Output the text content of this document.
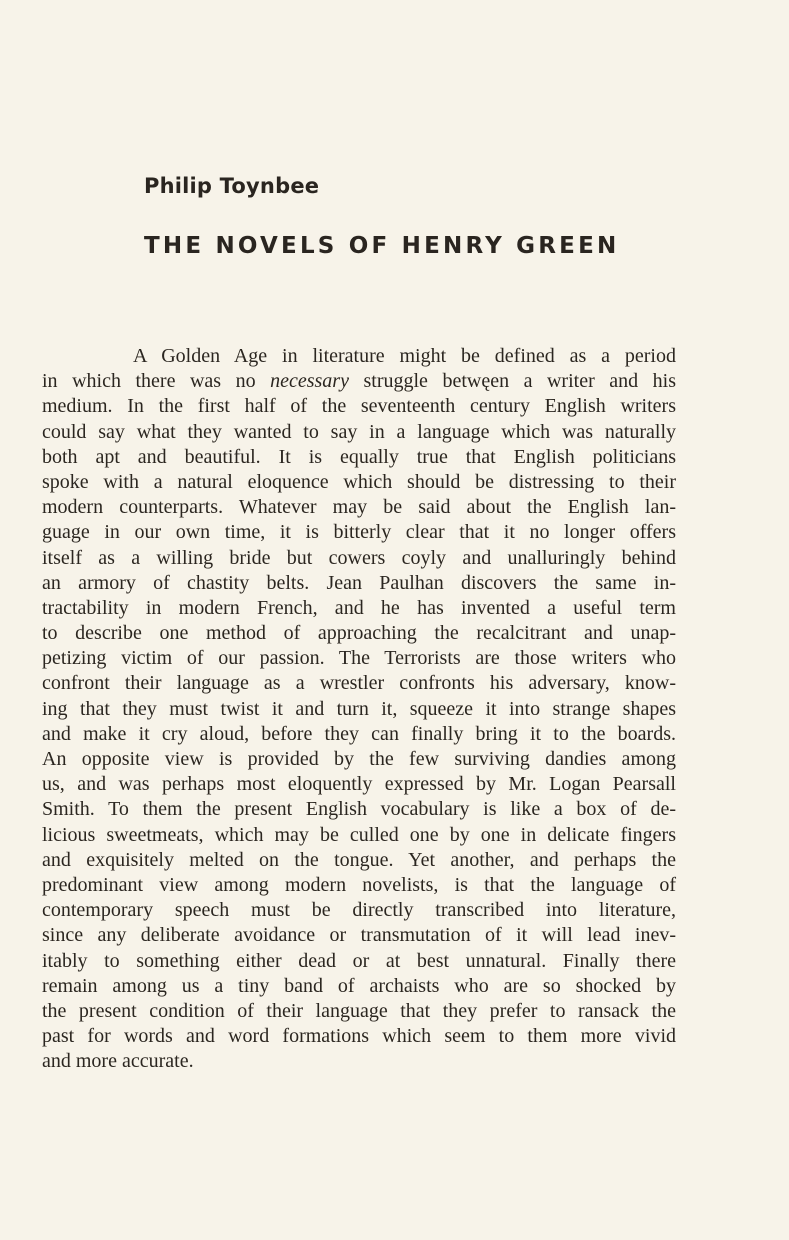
Philip Toynbee
THE NOVELS OF HENRY GREEN
A Golden Age in literature might be defined as a period
in which there was no necessary struggle betwęen a writer and his
medium. In the first half of the seventeenth century English writers
could say what they wanted to say in a language which was naturally
both apt and beautiful. It is equally true that English politicians
spoke with a natural eloquence which should be distressing to their
modern counterparts. Whatever may be said about the English lan-
guage in our own time, it is bitterly clear that it no longer offers
itself as a willing bride but cowers coyly and unalluringly behind
an armory of chastity belts. Jean Paulhan discovers the same in-
tractability in modern French, and he has invented a useful term
to describe one method of approaching the recalcitrant and unap-
petizing victim of our passion. The Terrorists are those writers who
confront their language as a wrestler confronts his adversary, know-
ing that they must twist it and turn it, squeeze it into strange shapes
and make it cry aloud, before they can finally bring it to the boards.
An opposite view is provided by the few surviving dandies among
us, and was perhaps most eloquently expressed by Mr. Logan Pearsall
Smith. To them the present English vocabulary is like a box of de-
licious sweetmeats, which may be culled one by one in delicate fingers
and exquisitely melted on the tongue. Yet another, and perhaps the
predominant view among modern novelists, is that the language of
contemporary speech must be directly transcribed into literature,
since any deliberate avoidance or transmutation of it will lead inev-
itably to something either dead or at best unnatural. Finally there
remain among us a tiny band of archaists who are so shocked by
the present condition of their language that they prefer to ransack the
past for words and word formations which seem to them more vivid
and more accurate.
